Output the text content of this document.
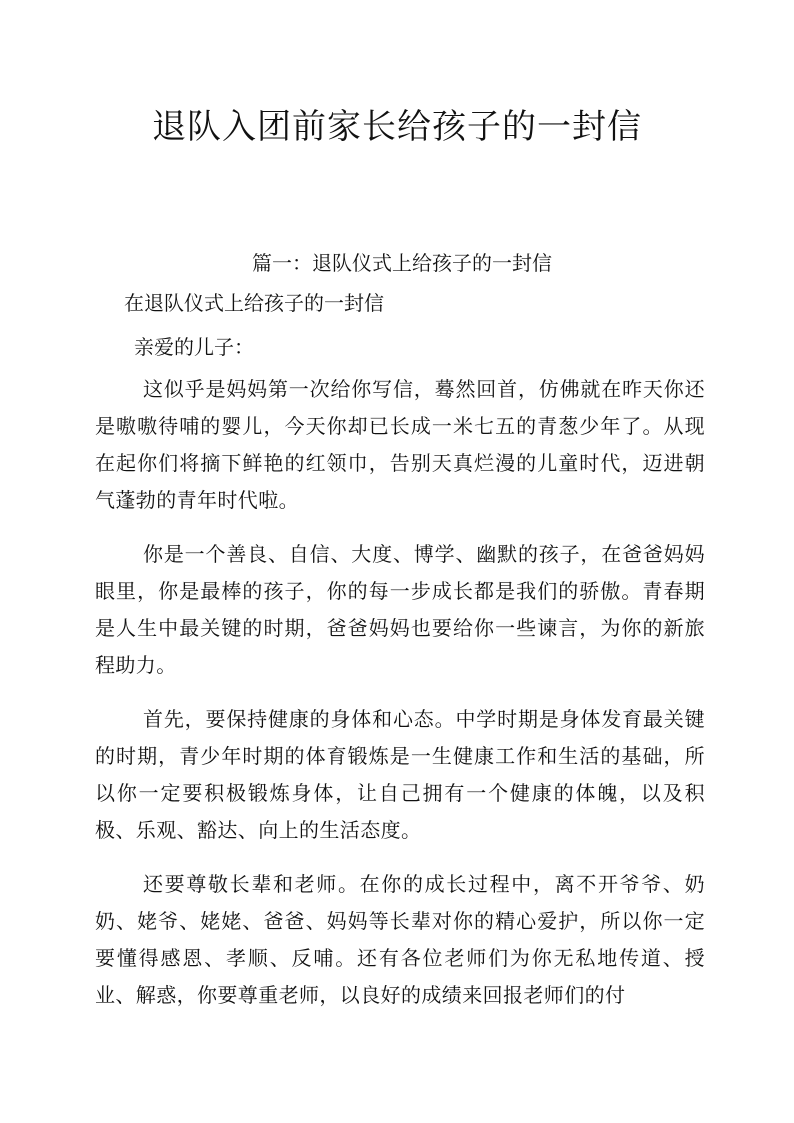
退队入团前家长给孩子的一封信
篇一：退队仪式上给孩子的一封信
在退队仪式上给孩子的一封信
亲爱的儿子：

这似乎是妈妈第一次给你写信，蓦然回首，仿佛就在昨天你还是嗷嗷待哺的婴儿，今天你却已长成一米七五的青葱少年了。从现在起你们将摘下鲜艳的红领巾，告别天真烂漫的儿童时代，迈进朝气蓬勃的青年时代啦。

你是一个善良、自信、大度、博学、幽默的孩子，在爸爸妈妈眼里，你是最棒的孩子，你的每一步成长都是我们的骄傲。青春期是人生中最关键的时期，爸爸妈妈也要给你一些谏言，为你的新旅程助力。

首先，要保持健康的身体和心态。中学时期是身体发育最关键的时期，青少年时期的体育锻炼是一生健康工作和生活的基础，所以你一定要积极锻炼身体，让自己拥有一个健康的体魄，以及积极、乐观、豁达、向上的生活态度。

还要尊敬长辈和老师。在你的成长过程中，离不开爷爷、奶奶、姥爷、姥姥、爸爸、妈妈等长辈对你的精心爱护，所以你一定要懂得感恩、孝顺、反哺。还有各位老师们为你无私地传道、授业、解惑，你要尊重老师，以良好的成绩来回报老师们的付
